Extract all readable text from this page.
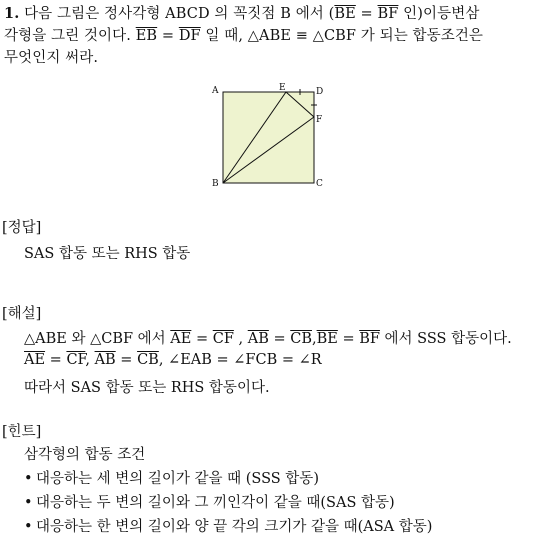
1. 다음 그림은 정사각형 ABCD 의 꼭짓점 B 에서 ($\overline{BE} = \overline{BF}$ 인)이등변삼
각형을 그린 것이다. $\overline{EB} = \overline{DF}$ 일 때, △ABE ≡ △CBF 가 되는 합동조건은
무엇인지 써라.
A	E	D
F
B	C
[정답]
SAS 합동 또는 RHS 합동
[해설]
△ABE 와 △CBF 에서 $\overline{AE} = \overline{CF}$ , $\overline{AB} = \overline{CB},\overline{BE} = \overline{BF}$ 에서 SSS 합동이다.
$\overline{AE} = \overline{CF}$, $\overline{AB} = \overline{CB}$, ∠EAB = ∠FCB = ∠R
따라서 SAS 합동 또는 RHS 합동이다.
[힌트]
삼각형의 합동 조건
• 대응하는 세 변의 길이가 같을 때 (SSS 합동)
• 대응하는 두 변의 길이와 그 끼인각이 같을 때(SAS 합동)
• 대응하는 한 변의 길이와 양 끝 각의 크기가 같을 때(ASA 합동)
